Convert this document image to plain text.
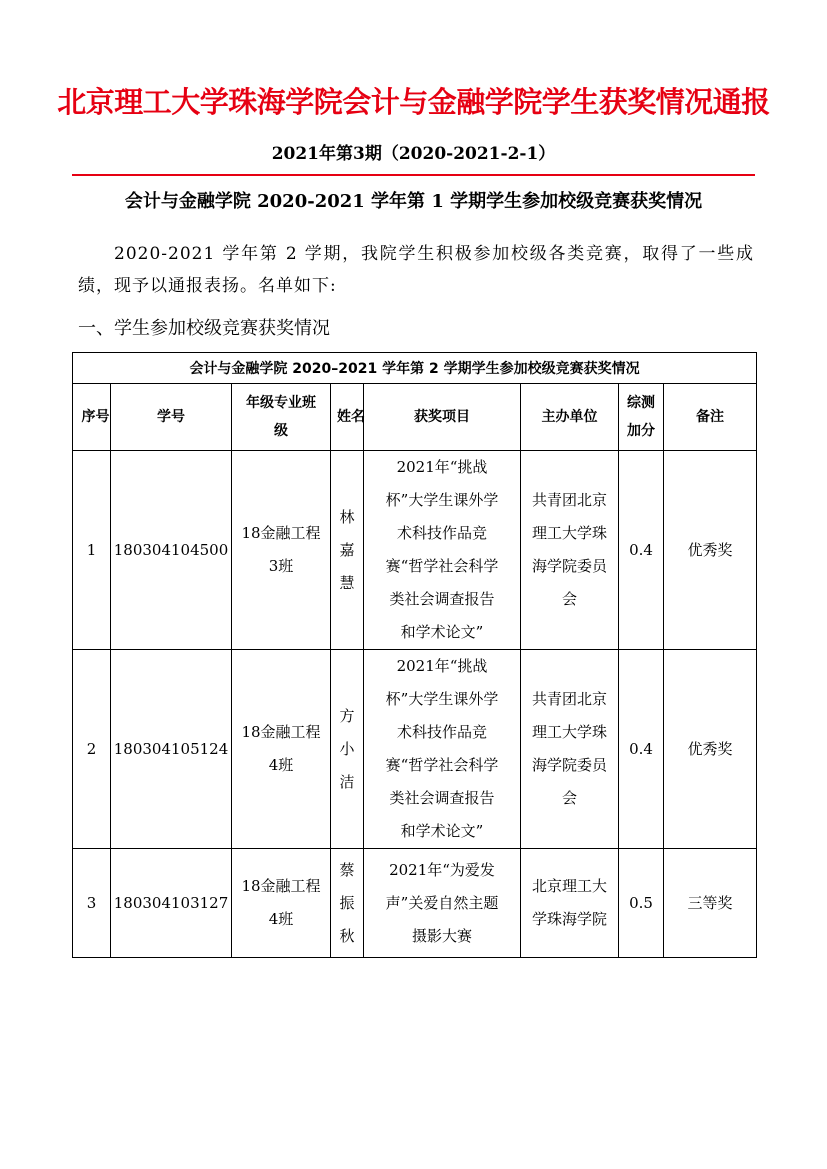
北京理工大学珠海学院会计与金融学院学生获奖情况通报
2021年第3期（2020-2021-2-1）
会计与金融学院 2020-2021 学年第 1 学期学生参加校级竞赛获奖情况
2020-2021 学年第 2 学期，我院学生积极参加校级各类竞赛，取得了一些成绩，现予以通报表扬。名单如下:
一、学生参加校级竞赛获奖情况
会计与金融学院 2020–2021 学年第 2 学期学生参加校级竞赛获奖情况							
序号	学号	年级专业班级	姓名	获奖项目	主办单位	综测加分	备注
1	180304104500	18金融工程3班	林嘉慧	2021年“挑战杯”大学生课外学术科技作品竞赛“哲学社会科学类社会调查报告和学术论文”	共青团北京理工大学珠海学院委员会	0.4	优秀奖
2	180304105124	18金融工程4班	方小洁	2021年“挑战杯”大学生课外学术科技作品竞赛“哲学社会科学类社会调查报告和学术论文”	共青团北京理工大学珠海学院委员会	0.4	优秀奖
3	180304103127	18金融工程4班	蔡振秋	2021年“为爱发声”关爱自然主题摄影大赛	北京理工大学珠海学院	0.5	三等奖
